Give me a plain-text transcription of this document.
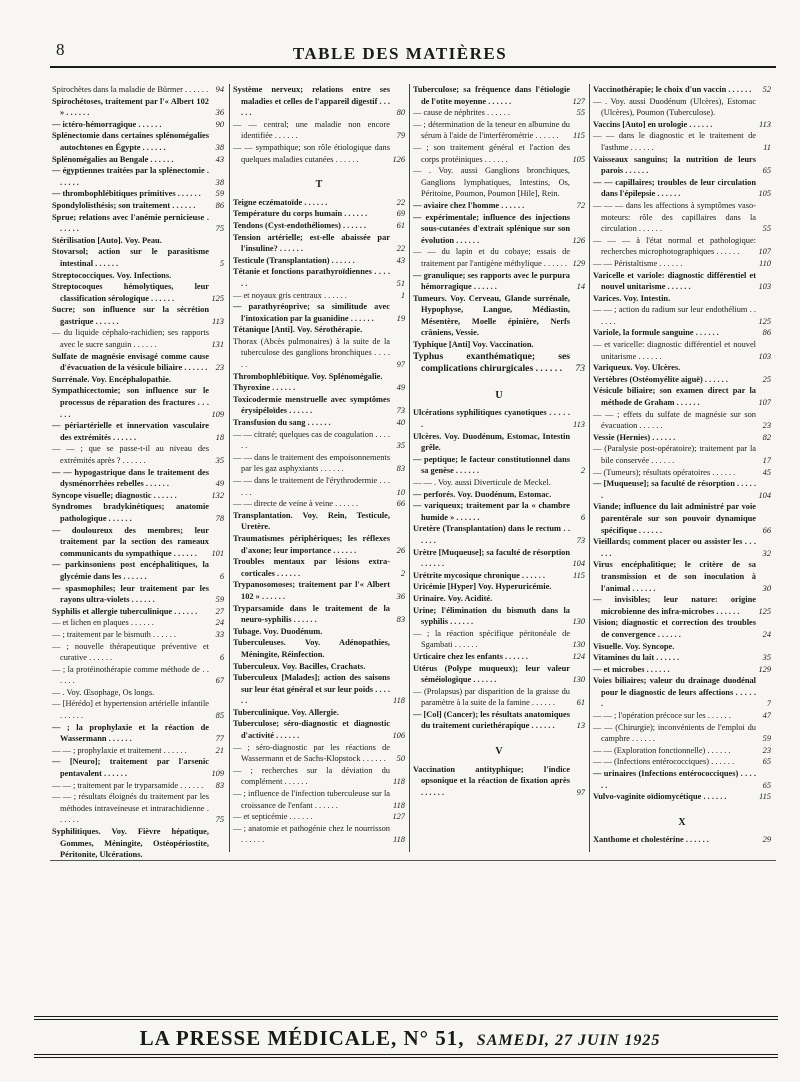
8	TABLE DES MATIÈRES
Spirochètes dans la maladie de Bürmer . . . . . . 94
Spirochétoses, traitement par l'« Albert 102 » . . . . . .	36
— ictéro-hémorragique . . . . . .	90
Splénectomie dans certaines splénomégalies autochtones en Égypte . . . . . .	38
Splénomégalies au Bengale . . . . . .	43
— égyptiennes traitées par la splénectomie . . . . . .	38
— thrombophlébitiques primitives . . . . . . 59
Spondylolisthésis; son traitement . . . . . . 86
Sprue; relations avec l'anémie pernicieuse . . . . . .	75
Stérilisation [Auto]. Voy. Peau.
Stovarsol; action sur le parasitisme intestinal . . . . . .	5
Streptococciques. Voy. Infections.
Streptocoques hémolytiques, leur classification sérologique . . . . . .	125
Sucre; son influence sur la sécrétion gastrique . . . . . .	113
— du liquide céphalo-rachidien; ses rapports avec le sucre sanguin . . . . . .	131
Sulfate de magnésie envisagé comme cause d'évacuation de la vésicule biliaire . . . . . . 23
Surrénale. Voy. Encéphalopathie.
Sympathicectomie; son influence sur le processus de réparation des fractures . . . . . .	109
— périartérielle et innervation vasculaire des extrémités . . . . . .	18
— — ; que se passe-t-il au niveau des extrémités après ? . . . . . .	35
— — hypogastrique dans le traitement des dysménorrhées rebelles . . . . . .	49
Syncope visuelle; diagnostic . . . . . .	132
Syndromes bradykinétiques; anatomie pathologique . . . . . .	78
— douloureux des membres; leur traitement par la section des rameaux communicants du sympathique . . . . . . 101
— parkinsoniens post encéphalitiques, la glycémie dans les . . . . . .	6
— spasmophiles; leur traitement par les rayons ultra-violets . . . . . .	59
Syphilis et allergie tuberculinique . . . . . . 27
— et lichen en plaques . . . . . .	24
— ; traitement par le bismuth . . . . . .	33
— ; nouvelle thérapeutique préventive et curative . . . . . .	6
— ; la protéinothérapie comme méthode de . . . . . .	67
— . Voy. Œsophage, Os longs.
— [Hérédo] et hypertension artérielle infantile . . . . . .	85
— ; la prophylaxie et la réaction de Wassermann . . . . . .	77
— — ; prophylaxie et traitement . . . . . .	21
— [Neuro]; traitement par l'arsenic pentavalent . . . . . .	109
— — ; traitement par le tryparsamide . . . . . . 83
— — ; résultats éloignés du traitement par les méthodes intraveineuse et intrarachidienne . . . . . .	75
Syphilitiques. Voy. Fièvre hépatique, Gommes, Méningite, Ostéopériostite, Péritonite, Ulcérations.
Système nerveux; relations entre ses maladies et celles de l'appareil digestif . . . . . .	80
— — central; une maladie non encore identifiée . . . . . .	79
— — sympathique; son rôle étiologique dans quelques maladies cutanées . . . . . .	126
T
Teigne eczématoïde . . . . . .	22
Température du corps humain . . . . . .	69
Tendons (Cyst-endothéliomes) . . . . . .	61
Tension artérielle; est-elle abaissée par l'insuline? . . . . . .	22
Testicule (Transplantation) . . . . . .	43
Tétanie et fonctions parathyroïdiennes . . . . . .	51
— et noyaux gris centraux . . . . . .	1
— parathyréoprive; sa similitude avec l'intoxication par la guanidine . . . . . .	19
Tétanique [Anti]. Voy. Sérothérapie.
Thorax (Abcès pulmonaires) à la suite de la tuberculose des ganglions bronchiques . . . . . .	97
Thrombophlébitique. Voy. Splénomégalie.
Thyroxine . . . . . .	49
Toxicodermie menstruelle avec symptômes érysipéloïdes . . . . . .	73
Transfusion du sang . . . . . .	40
— — citraté; quelques cas de coagulation . . . . . .	35
— — dans le traitement des empoisonnements par les gaz asphyxiants . . . . . .	83
— — dans le traitement de l'érythrodermie . . . . . .	10
— — directe de veine à veine . . . . . .	66
Transplantation. Voy. Rein, Testicule, Uretère.
Traumatismes périphériques; les réflexes d'axone; leur importance . . . . . .	26
Troubles mentaux par lésions extra-corticales . . . . . .	2
Trypanosomoses; traitement par l'« Albert 102 » . . . . . .	36
Tryparsamide dans le traitement de la neuro-syphilis . . . . . .	83
Tubage. Voy. Duodénum.
Tuberculeuses. Voy. Adénopathies, Méningite, Réinfection.
Tuberculeux. Voy. Bacilles, Crachats.
Tuberculeux [Malades]; action des saisons sur leur état général et sur leur poids . . . . . .	118
Tuberculinique. Voy. Allergie.
Tuberculose; séro-diagnostic et diagnostic d'activité . . . . . .	106
— ; séro-diagnostic par les réactions de Wassermann et de Sachs-Klopstock . . . . . . 50
— ; recherches sur la déviation du complément . . . . . .	118
— ; influence de l'infection tuberculeuse sur la croissance de l'enfant . . . . . .	118
— et septicémie . . . . . .	127
— ; anatomie et pathogénie chez le nourrisson . . . . . .	118
Tuberculose; sa fréquence dans l'étiologie de l'otite moyenne . . . . . .	127
— cause de néphrites . . . . . .	55
— ; détermination de la teneur en albumine du sérum à l'aide de l'interférométrie . . . . . . 115
— ; son traitement général et l'action des corps protéiniques . . . . . .	105
— . Voy. aussi Ganglions bronchiques, Ganglions lymphatiques, Intestins, Os, Péritoine, Poumon, Poumon [Hile], Rein.
— aviaire chez l'homme . . . . . .	72
— expérimentale; influence des injections sous-cutanées d'extrait splénique sur son évolution . . . . . .	126
— — du lapin et du cobaye; essais de traitement par l'antigène méthylique . . . . . . 129
— granulique; ses rapports avec le purpura hémorragique . . . . . .	14
Tumeurs. Voy. Cerveau, Glande surrénale, Hypophyse, Langue, Médiastin, Mésentère, Moelle épinière, Nerfs crâniens, Vessie.
Typhique [Anti] Voy. Vaccination.
Typhus exanthématique; ses complications chirurgicales . . . . . . 73
U
Ulcérations syphilitiques cyanotiques . . . . . .	113
Ulcères. Voy. Duodénum, Estomac, Intestin grêle.
— peptique; le facteur constitutionnel dans sa genèse . . . . . .	2
— — . Voy. aussi Diverticule de Meckel.
— perforés. Voy. Duodénum, Estomac.
— variqueux; traitement par la « chambre humide » . . . . . .	6
Uretère (Transplantation) dans le rectum . . . . . .	73
Urètre [Muqueuse]; sa faculté de résorption . . . . . .	104
Urétrite mycosique chronique . . . . . .	115
Uricémie [Hyper] Voy. Hyperuricémie.
Urinaire. Voy. Acidité.
Urine; l'élimination du bismuth dans la syphilis . . . . . .	130
— ; la réaction spécifique péritonéale de Sgambati . . . . . .	130
Urticaire chez les enfants . . . . . .	124
Utérus (Polype muqueux); leur valeur séméiologique . . . . . .	130
— (Prolapsus) par disparition de la graisse du paramètre à la suite de la famine . . . . . .	61
— [Col] (Cancer); les résultats anatomiques du traitement curiethérapique . . . . . .	13
V
Vaccination antityphique; l'indice opsonique et la réaction de fixation après . . . . . .	97
Vaccinothérapie; le choix d'un vaccin . . . . . . 52
— . Voy. aussi Duodénum (Ulcères), Estomac (Ulcères), Poumon (Tuberculose).
Vaccins [Auto] en urologie . . . . . .	113
— — dans le diagnostic et le traitement de l'asthme . . . . . .	11
Vaisseaux sanguins; la nutrition de leurs parois . . . . . .	65
— — capillaires; troubles de leur circulation dans l'épilepsie . . . . . .	105
— — — dans les affections à symptômes vaso-moteurs: rôle des capillaires dans la circulation . . . . . .	55
— — — à l'état normal et pathologique: recherches microphotographiques . . . . . . 107
— — Péristaltisme . . . . . .	110
Varicelle et variole: diagnostic différentiel et nouvel unitarisme . . . . . .	103
Varices. Voy. Intestin.
— — ; action du radium sur leur endothélium . . . . . .	125
Variole, la formule sanguine . . . . . .	86
— et varicelle: diagnostic différentiel et nouvel unitarisme . . . . . .	103
Variqueux. Voy. Ulcères.
Vertèbres (Ostéomyélite aiguë) . . . . . .	25
Vésicule biliaire; son examen direct par la méthode de Graham . . . . . .	107
— — ; effets du sulfate de magnésie sur son évacuation . . . . . .	23
Vessie (Hernies) . . . . . .	82
— (Paralysie post-opératoire); traitement par la bile conservée . . . . . .	17
— (Tumeurs); résultats opératoires . . . . . .	45
— [Muqueuse]; sa faculté de résorption . . . . . .	104
Viande; influence du lait administré par voie parentérale sur son pouvoir dynamique spécifique . . . . . .	66
Vieillards; comment placer ou assister les . . . . . .	32
Virus encéphalitique; le critère de sa transmission et de son inoculation à l'animal . . . . . .	30
— invisibles; leur nature: origine microbienne des infra-microbes . . . . . . 125
Vision; diagnostic et correction des troubles de convergence . . . . . .	24
Visuelle. Voy. Syncope.
Vitamines du lait . . . . . .	35
— et microbes . . . . . .	129
Voies biliaires; valeur du drainage duodénal pour le diagnostic de leurs affections . . . . . .	7
— — ; l'opération précoce sur les . . . . . .	47
— — (Chirurgie); inconvénients de l'emploi du camphre . . . . . .	59
— — (Exploration fonctionnelle) . . . . . .	23
— — (Infections entérococciques) . . . . . .	65
— urinaires (Infections entérococciques) . . . . . .	65
Vulvo-vaginite oïdiomycétique . . . . . .	115
X
Xanthome et cholestérine . . . . . .	29
LA PRESSE MÉDICALE, N° 51, SAMEDI, 27 JUIN 1925
